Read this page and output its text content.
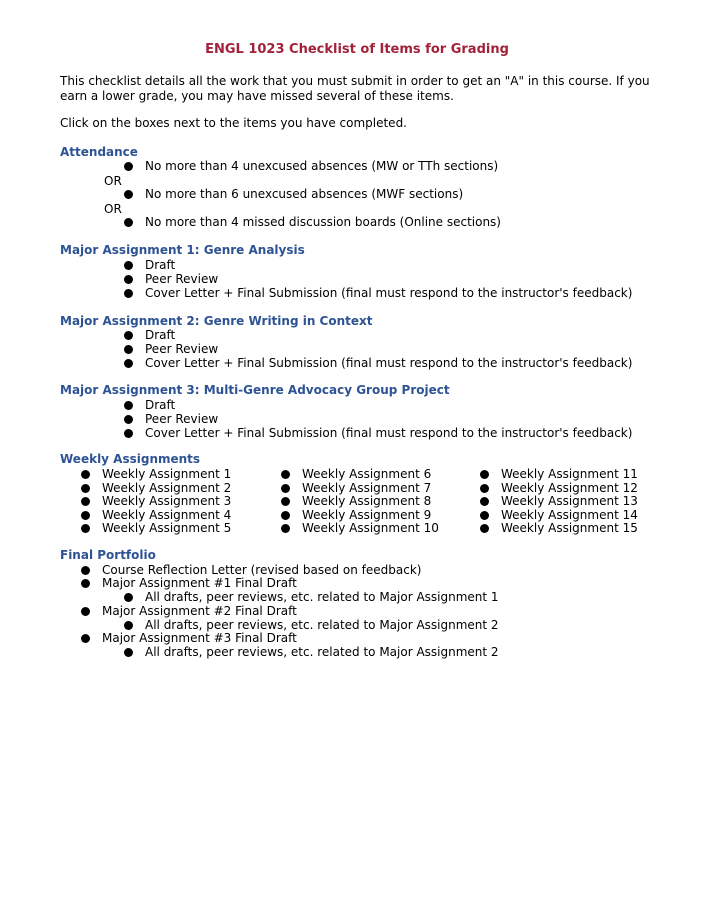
ENGL 1023 Checklist of Items for Grading
This checklist details all the work that you must submit in order to get an "A" in this course. If you earn a lower grade, you may have missed several of these items.
Click on the boxes next to the items you have completed.
Attendance
No more than 4 unexcused absences (MW or TTh sections)
OR
No more than 6 unexcused absences (MWF sections)
OR
No more than 4 missed discussion boards (Online sections)
Major Assignment 1: Genre Analysis
Draft
Peer Review
Cover Letter + Final Submission (final must respond to the instructor's feedback)
Major Assignment 2: Genre Writing in Context
Draft
Peer Review
Cover Letter + Final Submission (final must respond to the instructor's feedback)
Major Assignment 3: Multi-Genre Advocacy Group Project
Draft
Peer Review
Cover Letter + Final Submission (final must respond to the instructor's feedback)
Weekly Assignments
Weekly Assignment 1
Weekly Assignment 2
Weekly Assignment 3
Weekly Assignment 4
Weekly Assignment 5
Weekly Assignment 6
Weekly Assignment 7
Weekly Assignment 8
Weekly Assignment 9
Weekly Assignment 10
Weekly Assignment 11
Weekly Assignment 12
Weekly Assignment 13
Weekly Assignment 14
Weekly Assignment 15
Final Portfolio
Course Reflection Letter (revised based on feedback)
Major Assignment #1 Final Draft
All drafts, peer reviews, etc. related to Major Assignment 1
Major Assignment #2 Final Draft
All drafts, peer reviews, etc. related to Major Assignment 2
Major Assignment #3 Final Draft
All drafts, peer reviews, etc. related to Major Assignment 2
